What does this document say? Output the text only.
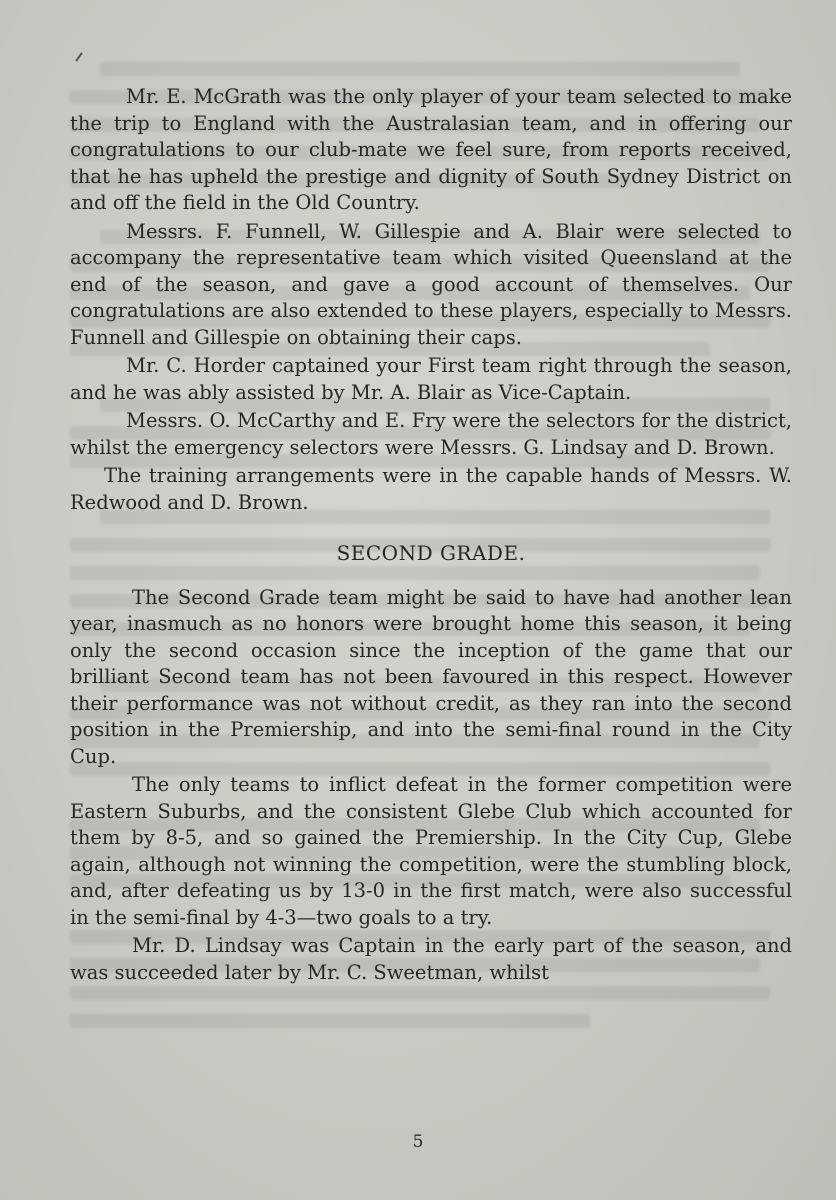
Mr. E. McGrath was the only player of your team selected to make the trip to England with the Australasian team, and in offering our congratulations to our club-mate we feel sure, from reports received, that he has upheld the prestige and dignity of South Sydney District on and off the field in the Old Country.

Messrs. F. Funnell, W. Gillespie and A. Blair were selected to accompany the representative team which visited Queensland at the end of the season, and gave a good account of themselves. Our congratulations are also extended to these players, especially to Messrs. Funnell and Gillespie on obtaining their caps.

Mr. C. Horder captained your First team right through the season, and he was ably assisted by Mr. A. Blair as Vice-Captain.

Messrs. O. McCarthy and E. Fry were the selectors for the district, whilst the emergency selectors were Messrs. G. Lindsay and D. Brown.

The training arrangements were in the capable hands of Messrs. W. Redwood and D. Brown.

SECOND GRADE.

The Second Grade team might be said to have had another lean year, inasmuch as no honors were brought home this season, it being only the second occasion since the inception of the game that our brilliant Second team has not been favoured in this respect. However their performance was not without credit, as they ran into the second position in the Premiership, and into the semi-final round in the City Cup.

The only teams to inflict defeat in the former competition were Eastern Suburbs, and the consistent Glebe Club which accounted for them by 8-5, and so gained the Premiership. In the City Cup, Glebe again, although not winning the competition, were the stumbling block, and, after defeating us by 13-0 in the first match, were also successful in the semi-final by 4-3—two goals to a try.

Mr. D. Lindsay was Captain in the early part of the season, and was succeeded later by Mr. C. Sweetman, whilst

5
